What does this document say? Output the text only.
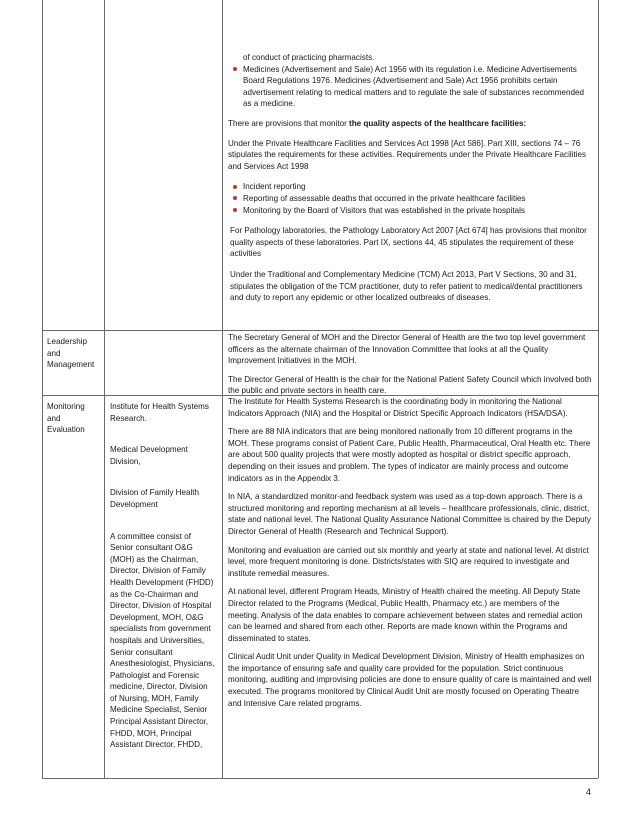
of conduct of practicing pharmacists.

Medicines (Advertisement and Sale) Act 1956 with its regulation i.e. Medicine Advertisements Board Regulations 1976. Medicines (Advertisement and Sale) Act 1956 prohibits certain advertisement relating to medical matters and to regulate the sale of substances recommended as a medicine.

There are provisions that monitor the quality aspects of the healthcare facilities:

Under the Private Healthcare Facilities and Services Act 1998 [Act 586]. Part XIII, sections 74 – 76 stipulates the requirements for these activities. Requirements under the Private Healthcare Facilities and Services Act 1998

Incident reporting
Reporting of assessable deaths that occurred in the private healthcare facilities
Monitoring by the Board of Visitors that was established in the private hospitals

For Pathology laboratories, the Pathology Laboratory Act 2007 [Act 674] has provisions that monitor quality aspects of these laboratories. Part IX, sections 44, 45 stipulates the requirement of these activities

Under the Traditional and Complementary Medicine (TCM) Act 2013, Part V Sections, 30 and 31, stipulates the obligation of the TCM practitioner, duty to refer patient to medical/dental practitioners and duty to report any epidemic or other localized outbreaks of diseases.

Leadership and Management

The Secretary General of MOH and the Director General of Health are the two top level government officers as the alternate chairman of the Innovation Committee that looks at all the Quality Improvement Initiatives in the MOH.

The Director General of Health is the chair for the National Patient Safety Council which involved both the public and private sectors in health care.

Monitoring and Evaluation

Institute for Health Systems Research.

Medical Development Division,

Division of Family Health Development

A committee consist of Senior consultant O&G (MOH) as the Chairman, Director, Division of Family Health Development (FHDD) as the Co-Chairman and Director, Division of Hospital Development, MOH, O&G specialists from government hospitals and Universities, Senior consultant Anesthesiologist, Physicians, Pathologist and Forensic medicine, Director, Division of Nursing, MOH, Family Medicine Specialist, Senior Principal Assistant Director, FHDD, MOH, Principal Assistant Director, FHDD,

The Institute for Health Systems Research is the coordinating body in monitoring the National Indicators Approach (NIA) and the Hospital or District Specific Approach Indicators (HSA/DSA).

There are 88 NIA indicators that are being monitored nationally from 10 different programs in the MOH. These programs consist of Patient Care, Public Health, Pharmaceutical, Oral Health etc. There are about 500 quality projects that were mostly adopted as hospital or district specific approach, depending on their issues and problem. The types of indicator are mainly process and outcome indicators as in the Appendix 3.

In NIA, a standardized monitor-and feedback system was used as a top-down approach. There is a structured monitoring and reporting mechanism at all levels – healthcare professionals, clinic, district, state and national level. The National Quality Assurance National Committee is chaired by the Deputy Director General of Health (Research and Technical Support).

Monitoring and evaluation are carried out six monthly and yearly at state and national level. At district level, more frequent monitoring is done. Districts/states with SIQ are required to investigate and institute remedial measures.

At national level, different Program Heads, Ministry of Health chaired the meeting. All Deputy State Director related to the Programs (Medical, Public Health, Pharmacy etc.) are members of the meeting. Analysis of the data enables to compare achievement between states and remedial action can be learned and shared from each other. Reports are made known within the Programs and disseminated to states.

Clinical Audit Unit under Quality in Medical Development Division, Ministry of Health emphasizes on the importance of ensuring safe and quality care provided for the population. Strict continuous monitoring, auditing and improvising policies are done to ensure quality of care is maintained and well executed. The programs monitored by Clinical Audit Unit are mostly focused on Operating Theatre and Intensive Care related programs.

4
